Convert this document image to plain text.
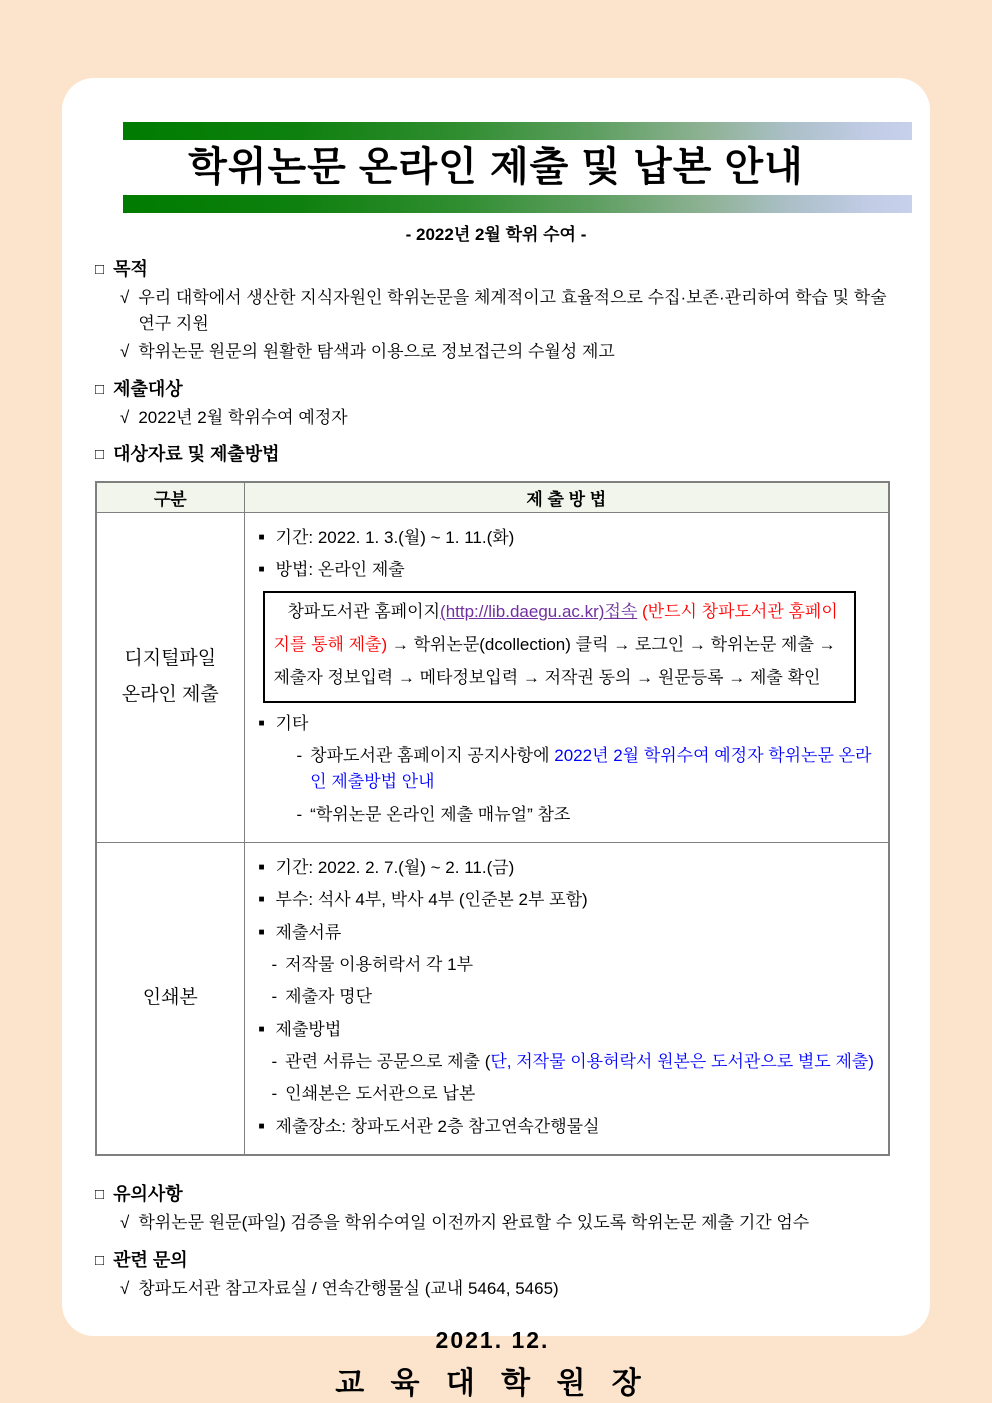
학위논문 온라인 제출 및 납본 안내
- 2022년 2월 학위 수여 -
□ 목적
√ 우리 대학에서 생산한 지식자원인 학위논문을 체계적이고 효율적으로 수집·보존·관리하여 학습 및 학술연구 지원
√ 학위논문 원문의 원활한 탐색과 이용으로 정보접근의 수월성 제고
□ 제출대상
√ 2022년 2월 학위수여 예정자
□ 대상자료 및 제출방법
구분	제 출 방 법

디지털파일
온라인 제출

■ 기간: 2022. 1. 3.(월) ~ 1. 11.(화)
■ 방법: 온라인 제출
창파도서관 홈페이지(http://lib.daegu.ac.kr)접속 (반드시 창파도서관 홈페이지를 통해 제출) → 학위논문(dcollection) 클릭 → 로그인 → 학위논문 제출 → 제출자 정보입력 → 메타정보입력 → 저작권 동의 → 원문등록 → 제출 확인
■ 기타
- 창파도서관 홈페이지 공지사항에 2022년 2월 학위수여 예정자 학위논문 온라인 제출방법 안내
- “학위논문 온라인 제출 매뉴얼” 참조

인쇄본	
■ 기간: 2022. 2. 7.(월) ~ 2. 11.(금)
■ 부수: 석사 4부, 박사 4부 (인준본 2부 포함)
■ 제출서류
- 저작물 이용허락서 각 1부
- 제출자 명단
■ 제출방법
- 관련 서류는 공문으로 제출 (단, 저작물 이용허락서 원본은 도서관으로 별도 제출)
- 인쇄본은 도서관으로 납본
■ 제출장소: 창파도서관 2층 참고연속간행물실
□ 유의사항
√ 학위논문 원문(파일) 검증을 학위수여일 이전까지 완료할 수 있도록 학위논문 제출 기간 엄수
□ 관련 문의
√ 창파도서관 참고자료실 / 연속간행물실 (교내 5464, 5465)
2021. 12.
교 육 대 학 원 장
